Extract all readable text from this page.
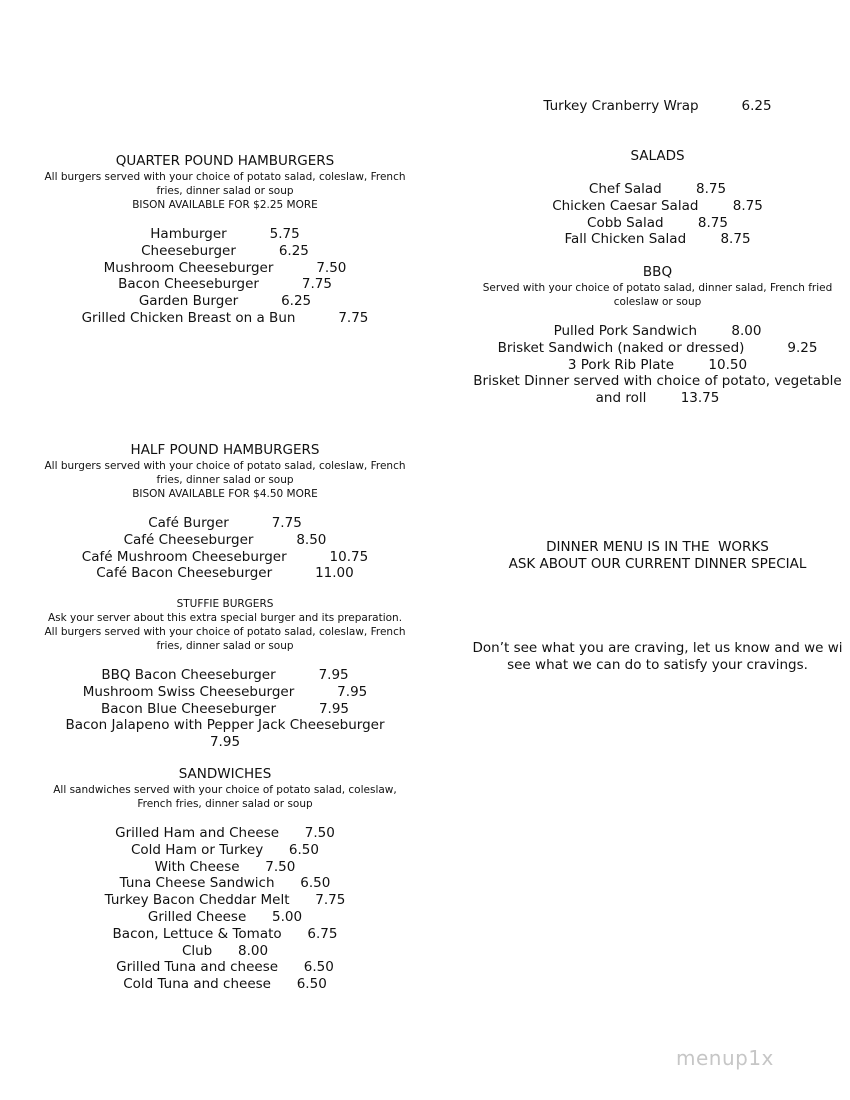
QUARTER POUND HAMBURGERS
All burgers served with your choice of potato salad, coleslaw, French
fries, dinner salad or soup
BISON AVAILABLE FOR $2.25 MORE
Hamburger          5.75
Cheeseburger          6.25
Mushroom Cheeseburger          7.50
Bacon Cheeseburger          7.75
Garden Burger          6.25
Grilled Chicken Breast on a Bun          7.75
HALF POUND HAMBURGERS
All burgers served with your choice of potato salad, coleslaw, French
fries, dinner salad or soup
BISON AVAILABLE FOR $4.50 MORE
Café Burger          7.75
Café Cheeseburger          8.50
Café Mushroom Cheeseburger          10.75
Café Bacon Cheeseburger          11.00
STUFFIE BURGERS
Ask your server about this extra special burger and its preparation.
All burgers served with your choice of potato salad, coleslaw, French
fries, dinner salad or soup
BBQ Bacon Cheeseburger          7.95
Mushroom Swiss Cheeseburger          7.95
Bacon Blue Cheeseburger          7.95
Bacon Jalapeno with Pepper Jack Cheeseburger
7.95
SANDWICHES
All sandwiches served with your choice of potato salad, coleslaw,
French fries, dinner salad or soup
Grilled Ham and Cheese      7.50
Cold Ham or Turkey      6.50
With Cheese      7.50
Tuna Cheese Sandwich      6.50
Turkey Bacon Cheddar Melt      7.75
Grilled Cheese      5.00
Bacon, Lettuce & Tomato      6.75
Club      8.00
Grilled Tuna and cheese      6.50
Cold Tuna and cheese      6.50
Turkey Cranberry Wrap          6.25
SALADS
Chef Salad        8.75
Chicken Caesar Salad        8.75
Cobb Salad        8.75
Fall Chicken Salad        8.75
BBQ
Served with your choice of potato salad, dinner salad, French fried
coleslaw or soup
Pulled Pork Sandwich        8.00
Brisket Sandwich (naked or dressed)          9.25
3 Pork Rib Plate        10.50
Brisket Dinner served with choice of potato, vegetable
and roll        13.75
DINNER MENU IS IN THE  WORKS
ASK ABOUT OUR CURRENT DINNER SPECIAL
Don’t see what you are craving, let us know and we wi
see what we can do to satisfy your cravings.
menup1x
